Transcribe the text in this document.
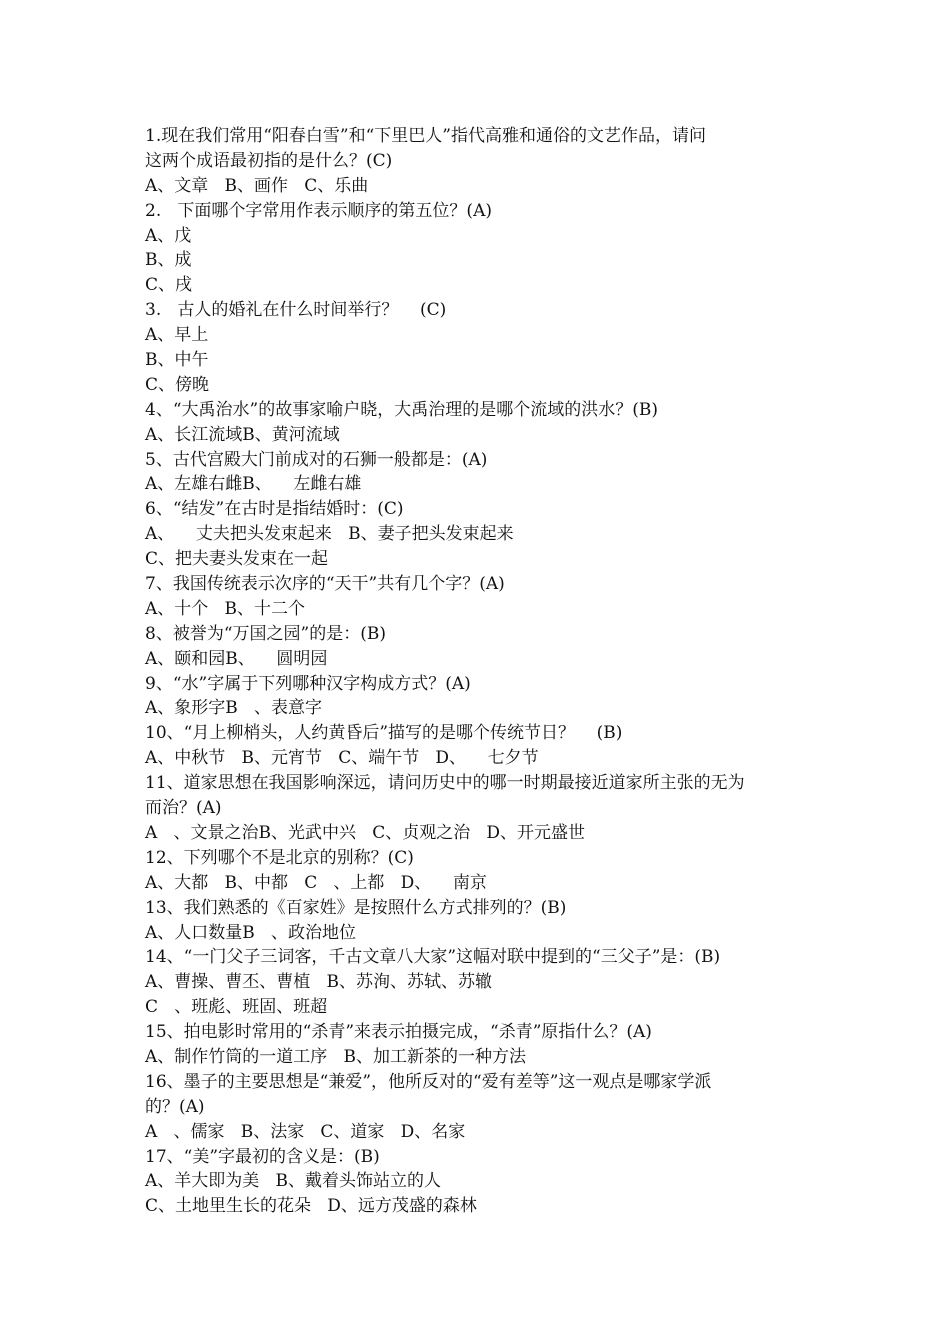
1.现在我们常用“阳春白雪”和“下里巴人”指代高雅和通俗的文艺作品，请问
这两个成语最初指的是什么？(C)
A、文章   B、画作   C、乐曲
2.   下面哪个字常用作表示顺序的第五位？(A)
A、戊
B、成
C、戌
3.   古人的婚礼在什么时间举行？    (C)
A、早上
B、中午
C、傍晚
4、“大禹治水”的故事家喻户晓，大禹治理的是哪个流域的洪水？(B)
A、长江流域B、黄河流域
5、古代宫殿大门前成对的石狮一般都是：(A)
A、左雄右雌B、    左雌右雄
6、“结发”在古时是指结婚时：(C)
A、    丈夫把头发束起来   B、妻子把头发束起来
C、把夫妻头发束在一起
7、我国传统表示次序的“天干”共有几个字？(A)
A、十个   B、十二个
8、被誉为“万国之园”的是：(B)
A、颐和园B、    圆明园
9、“水”字属于下列哪种汉字构成方式？(A)
A、象形字B   、表意字
10、“月上柳梢头，人约黄昏后”描写的是哪个传统节日？    (B)
A、中秋节   B、元宵节   C、端午节   D、    七夕节
11、道家思想在我国影响深远，请问历史中的哪一时期最接近道家所主张的无为
而治？(A)
A   、文景之治B、光武中兴   C、贞观之治   D、开元盛世
12、下列哪个不是北京的别称？(C)
A、大都   B、中都   C   、上都   D、    南京
13、我们熟悉的《百家姓》是按照什么方式排列的？(B)
A、人口数量B   、政治地位
14、“一门父子三词客，千古文章八大家”这幅对联中提到的“三父子”是：(B)
A、曹操、曹丕、曹植   B、苏洵、苏轼、苏辙
C   、班彪、班固、班超
15、拍电影时常用的“杀青”来表示拍摄完成，“杀青”原指什么？(A)
A、制作竹筒的一道工序   B、加工新茶的一种方法
16、墨子的主要思想是“兼爱”，他所反对的“爱有差等”这一观点是哪家学派
的？(A)
A   、儒家   B、法家   C、道家   D、名家
17、“美”字最初的含义是：(B)
A、羊大即为美   B、戴着头饰站立的人
C、土地里生长的花朵   D、远方茂盛的森林
